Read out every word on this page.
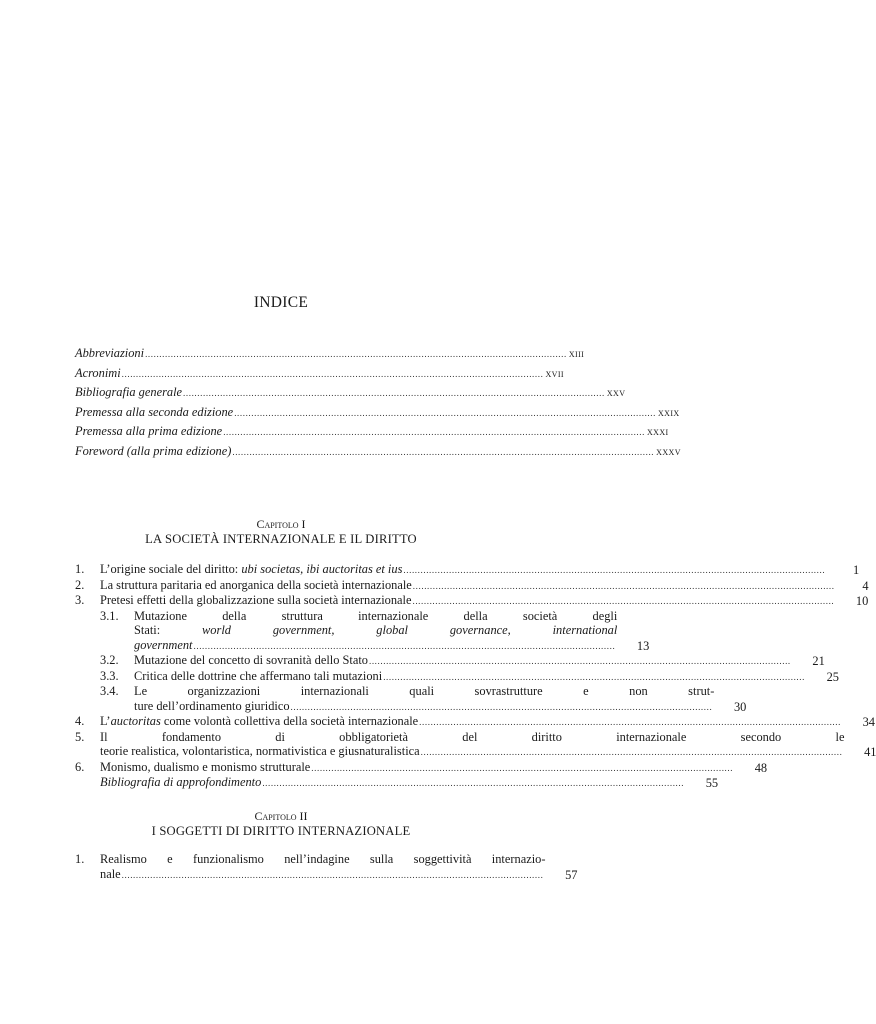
INDICE
Abbreviazioni .................................................................................................................................................... xiii
Acronimi .................................................................................................................................................... xvii
Bibliografia generale .................................................................................................................................................... xxv
Premessa alla seconda edizione .................................................................................................................................................... xxix
Premessa alla prima edizione .................................................................................................................................................... xxxi
Foreword (alla prima edizione) .................................................................................................................................................... xxxv
Capitolo I
LA SOCIETÀ INTERNAZIONALE E IL DIRITTO
1.	L’origine sociale del diritto: ubi societas, ibi auctoritas et ius ....................................................................................................................................................	1
2.	La struttura paritaria ed anorganica della società internazionale ....................................................................................................................................................	4
3.	Pretesi effetti della globalizzazione sulla società internazionale ....................................................................................................................................................	10
3.1.	Mutazione della struttura internazionale della società degli
Stati: world government, global governance, international
government ....................................................................................................................................................	13
3.2.	Mutazione del concetto di sovranità dello Stato ....................................................................................................................................................	21
3.3.	Critica delle dottrine che affermano tali mutazioni ....................................................................................................................................................	25
3.4.	Le organizzazioni internazionali quali sovrastrutture e non strut-
ture dell’ordinamento giuridico ....................................................................................................................................................	30
4.	L’auctoritas come volontà collettiva della società internazionale ....................................................................................................................................................	34
5.	Il fondamento di obbligatorietà del diritto internazionale secondo le
teorie realistica, volontaristica, normativistica e giusnaturalistica ....................................................................................................................................................	41
6.	Monismo, dualismo e monismo strutturale ....................................................................................................................................................	48
Bibliografia di approfondimento ....................................................................................................................................................	55
Capitolo II
I SOGGETTI DI DIRITTO INTERNAZIONALE
1.	Realismo e funzionalismo nell’indagine sulla soggettività internazio-
nale ....................................................................................................................................................	57
